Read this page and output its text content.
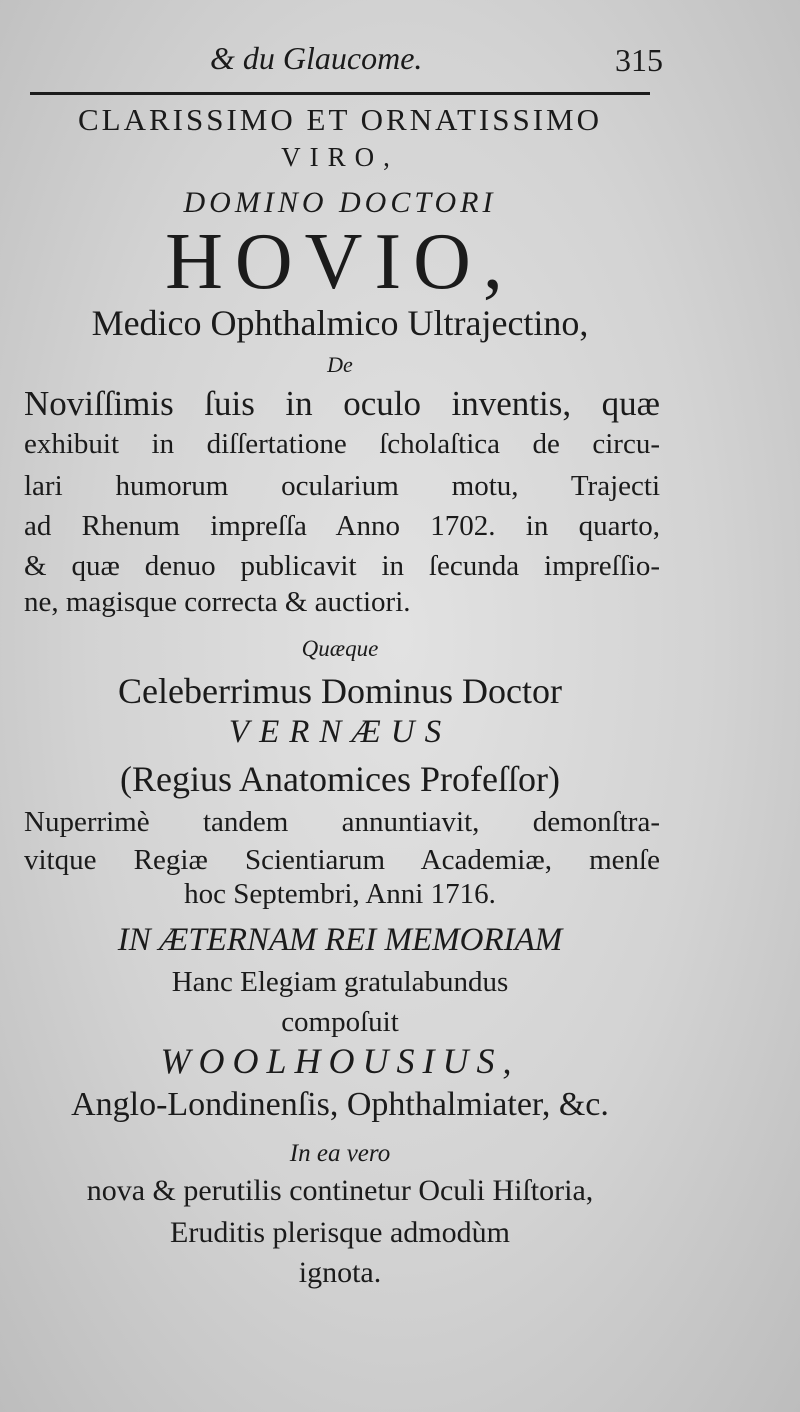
& du Glaucome.	315
CLARISSIMO ET ORNATISSIMO
VIRO,
DOMINO DOCTORI
HOVIO,
Medico Ophthalmico Ultrajectino,
De
Noviſſimis ſuis in oculo inventis, quæ
exhibuit in diſſertatione ſcholaſtica de circu-
lari humorum ocularium motu, Trajecti
ad Rhenum impreſſa Anno 1702. in quarto,
& quæ denuo publicavit in ſecunda impreſſio-
ne, magisque correcta & auctiori.
Quæque
Celeberrimus Dominus Doctor
VERNÆUS
(Regius Anatomices Profeſſor)
Nuperrimè tandem annuntiavit, demonſtra-
vitque Regiæ Scientiarum Academiæ, menſe
hoc Septembri, Anni 1716.
IN ÆTERNAM REI MEMORIAM
Hanc Elegiam gratulabundus
compoſuit
WOOLHOUSIUS,
Anglo-Londinenſis, Ophthalmiater, &c.
In ea vero
nova & perutilis continetur Oculi Hiſtoria,
Eruditis plerisque admodùm
ignota.
